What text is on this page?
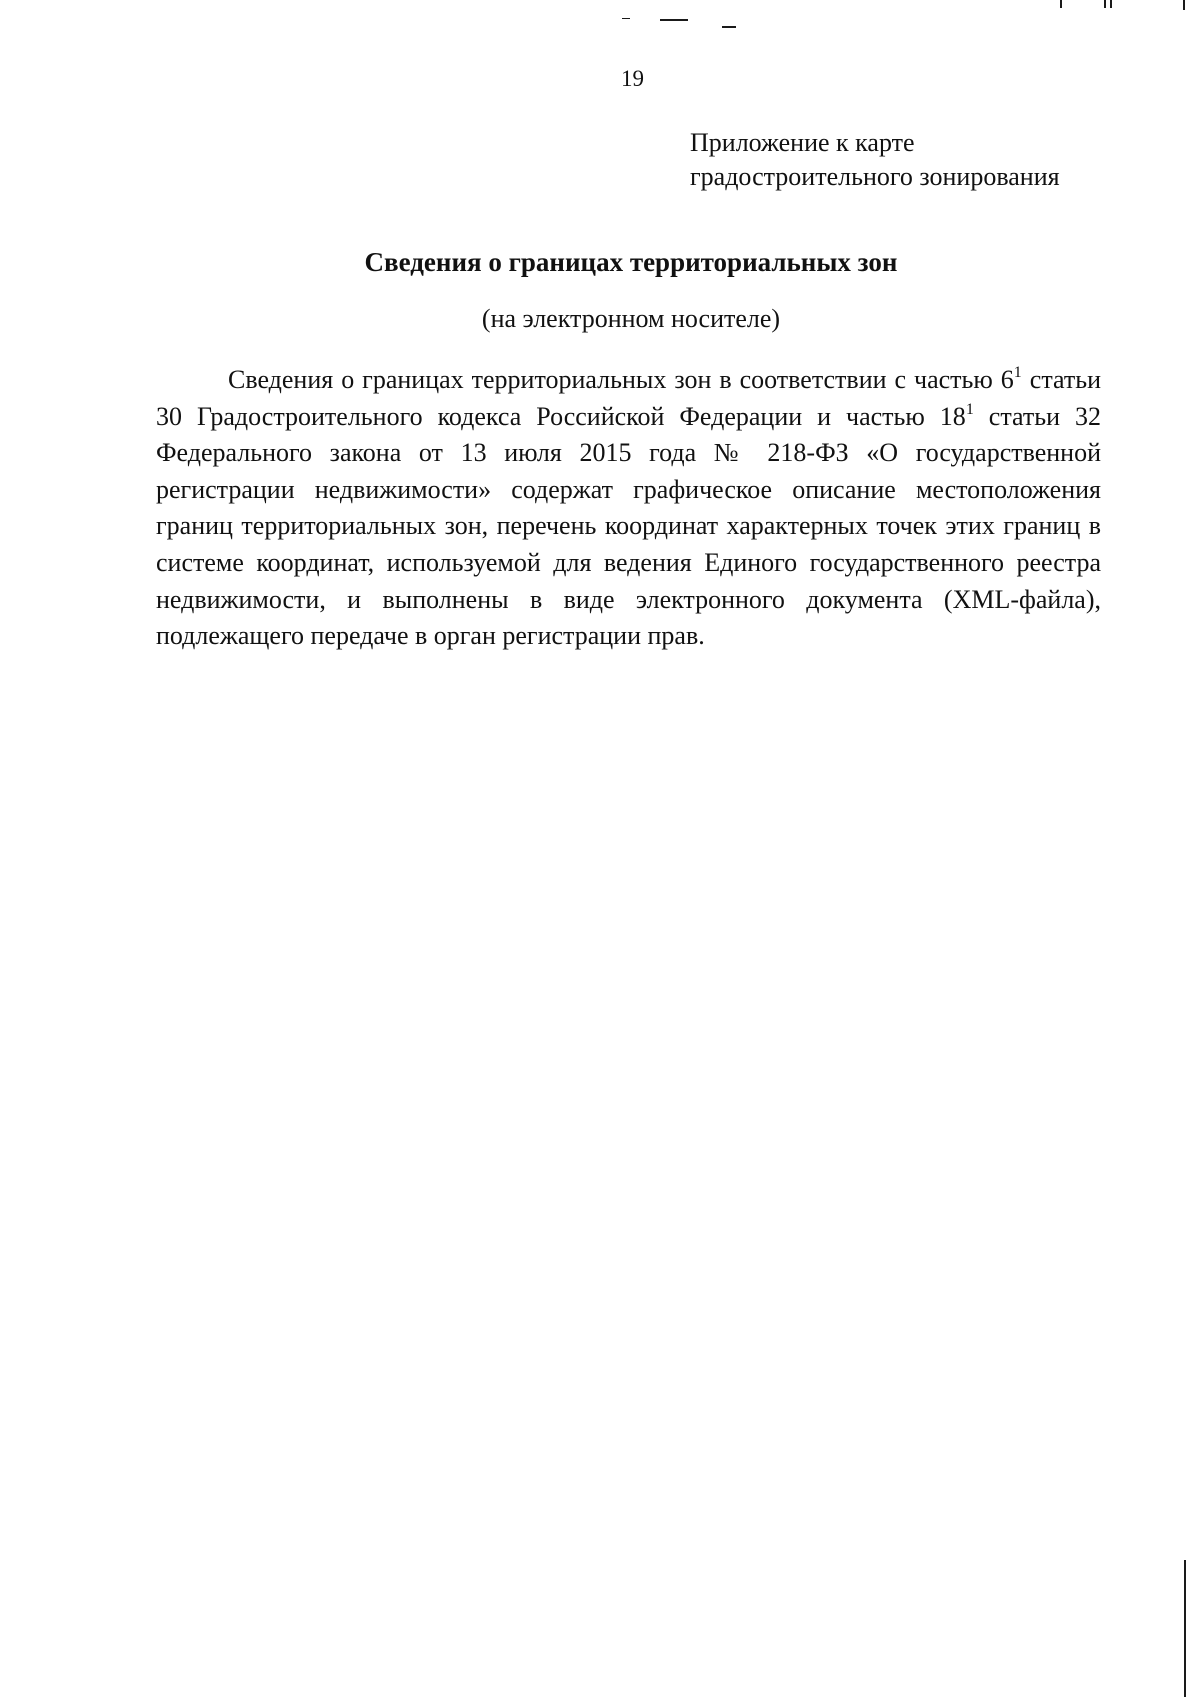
19
Приложение к карте
градостроительного зонирования
Сведения о границах территориальных зон
(на электронном носителе)

Сведения о границах территориальных зон в соответствии с частью $6^1$ статьи 30 Градостроительного кодекса Российской Федерации и частью $18^1$ статьи 32 Федерального закона от 13 июля 2015 года № 218-ФЗ «О государственной регистрации недвижимости» содержат графическое описание местоположения границ территориальных зон, перечень координат характерных точек этих границ в системе координат, используемой для ведения Единого государственного реестра недвижимости, и выполнены в виде электронного документа (XML-файла), подлежащего передаче в орган регистрации прав.
